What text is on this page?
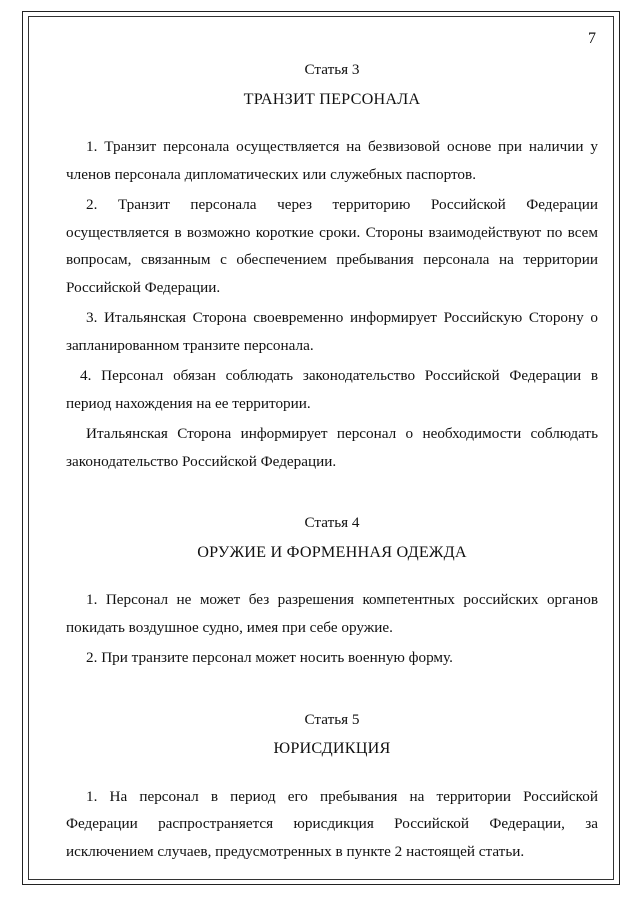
7
Статья 3
ТРАНЗИТ ПЕРСОНАЛА

1. Транзит персонала осуществляется на безвизовой основе при наличии у членов персонала дипломатических или служебных паспортов.

2. Транзит персонала через территорию Российской Федерации осуществляется в возможно короткие сроки. Стороны взаимодействуют по всем вопросам, связанным с обеспечением пребывания персонала на территории Российской Федерации.

3. Итальянская Сторона своевременно информирует Российскую Сторону о запланированном транзите персонала.

4. Персонал обязан соблюдать законодательство Российской Федерации в период нахождения на ее территории.

Итальянская Сторона информирует персонал о необходимости соблюдать законодательство Российской Федерации.

Статья 4
ОРУЖИЕ И ФОРМЕННАЯ ОДЕЖДА

1. Персонал не может без разрешения компетентных российских органов покидать воздушное судно, имея при себе оружие.

2. При транзите персонал может носить военную форму.

Статья 5
ЮРИСДИКЦИЯ

1. На персонал в период его пребывания на территории Российской Федерации распространяется юрисдикция Российской Федерации, за исключением случаев, предусмотренных в пункте 2 настоящей статьи.
